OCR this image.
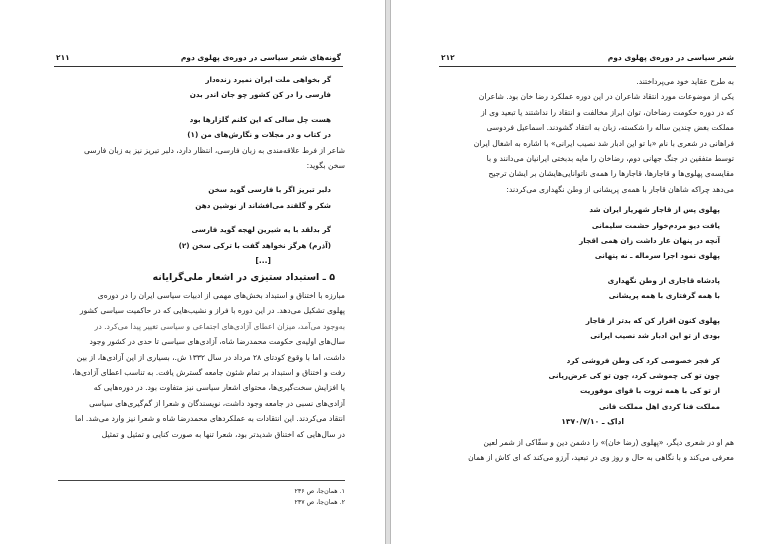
گونه‌های شعر سیاسی در دوره‌ی پهلوی دوم
۲۱۱
گر بخواهی ملت ایران نمیرد زنده‌دار
فارسی را در کن کشور چو جان اندر بدن
هست چل سالی که این کلنم گلزارها بود
در کتاب و در مجلات و نگارش‌های من (۱)
شاعر از فرط علاقه‌مندی به زبان فارسی، انتظار دارد، دلبر تبریز نیز به زبان فارسی
سخن بگوید:
دلبر تبریز اگر با فارسی گوید سخن
شکر و گلقند می‌افشاند از نوشین دهن
گر بدلقد با یه شیرین لهجه گوید فارسی
(آذرم) هرگز نخواهد گفت با ترکی سخن (۲)
[...]
۵ ـ استبداد ستیزی در اشعار ملی‌گرایانه
مبارزه با اختناق و استبداد بخش‌های مهمی از ادبیات سیاسی ایران را در دوره‌ی
پهلوی تشکیل می‌دهد. در این دوره با فراز و نشیب‌هایی که در حاکمیت سیاسی کشور
به‌وجود می‌آمد، میزان اعطای آزادی‌های اجتماعی و سیاسی تغییر پیدا می‌کرد. در
سال‌های اولیه‌ی حکومت محمدرضا شاه، آزادی‌های سیاسی تا حدی در کشور وجود
داشت، اما با وقوع کودتای ۲۸ مرداد در سال ۱۳۳۲ ش.، بسیاری از این آزادی‌ها، از بین
رفت و اختناق و استبداد بر تمام شئون جامعه گسترش یافت. به تناسب اعطای آزادی‌ها،
یا افزایش سخت‌گیری‌ها، محتوای اشعار سیاسی نیز متفاوت بود. در دوره‌هایی که
آزادی‌های نسبی در جامعه وجود داشت، نویسندگان و شعرا از گم‌گیری‌های سیاسی
انتقاد می‌کردند. این انتقادات به عملکردهای محمدرضا شاه و شعرا نیز وارد می‌شد. اما
در سال‌هایی که اختناق شدیدتر بود، شعرا تنها به صورت کنایی و تمثیل و تمثیل
۱. همان‌جا، ص ۲۳۶
۲. همان‌جا، ص ۲۳۷
شعر سیاسی در دوره‌ی پهلوی دوم
۲۱۲
به طرح عقاید خود می‌پرداختند.
یکی از موضوعات مورد انتقاد شاعران در این دوره عملکرد رضا خان بود. شاعران
که در دوره حکومت رضاخان، توان ابراز مخالفت و انتقاد را نداشتند یا تبعید وی از
مملکت بغض چندین ساله را شکسته، زبان به انتقاد گشودند. اسماعیل فردوسی
فراهانی در شعری با نام «با تو این ادبار شد نصیب ایرانی» با اشاره به اشغال ایران
توسط متفقین در جنگ جهانی دوم، رضاخان را مایه بدبختی ایرانیان می‌دانند و با
مقایسه‌ی پهلوی‌ها و قاجارها، قاجارها را همه‌ی ناتوانایی‌هایشان بر ایشان ترجیح
می‌دهد چراکه شاهان قاجار با همه‌ی پریشانی از وطن نگهداری می‌کردند:
پهلوی پس از قاجار شهریار ایران شد
یافت دیو مردم‌خوار حشمت سلیمانی
آنچه در پنهان عار داشت زان همی اقجار
پهلوی نمود اجرا سرماله ـ نه پنهانی
پادشاه قاجاری از وطن نگهداری
با همه گرفتاری با همه پریشانی
پهلوی کنون اقرار کن که بدتر از قاجار
بودی از تو این ادبار شد نصیب ایرانی
کر فجر خصوصی کرد کی وطن فروشی کرد
چون تو کی چموشی کرد، چون تو کی عرض‌ریانی
از تو کی با همه ثروت با قوای موفوریت
مملکت فنا کردی اهل مملکت فانی
اداک ـ ۱۳۷۰/۷/۱۰
هم او در شعری دیگر، «پهلوی (رضا خان)» را دشمن دین و سفّاکی از شمر لعین
معرفی می‌کند و با نگاهی به حال و روز وی در تبعید، آرزو می‌کند که ای کاش از همان
